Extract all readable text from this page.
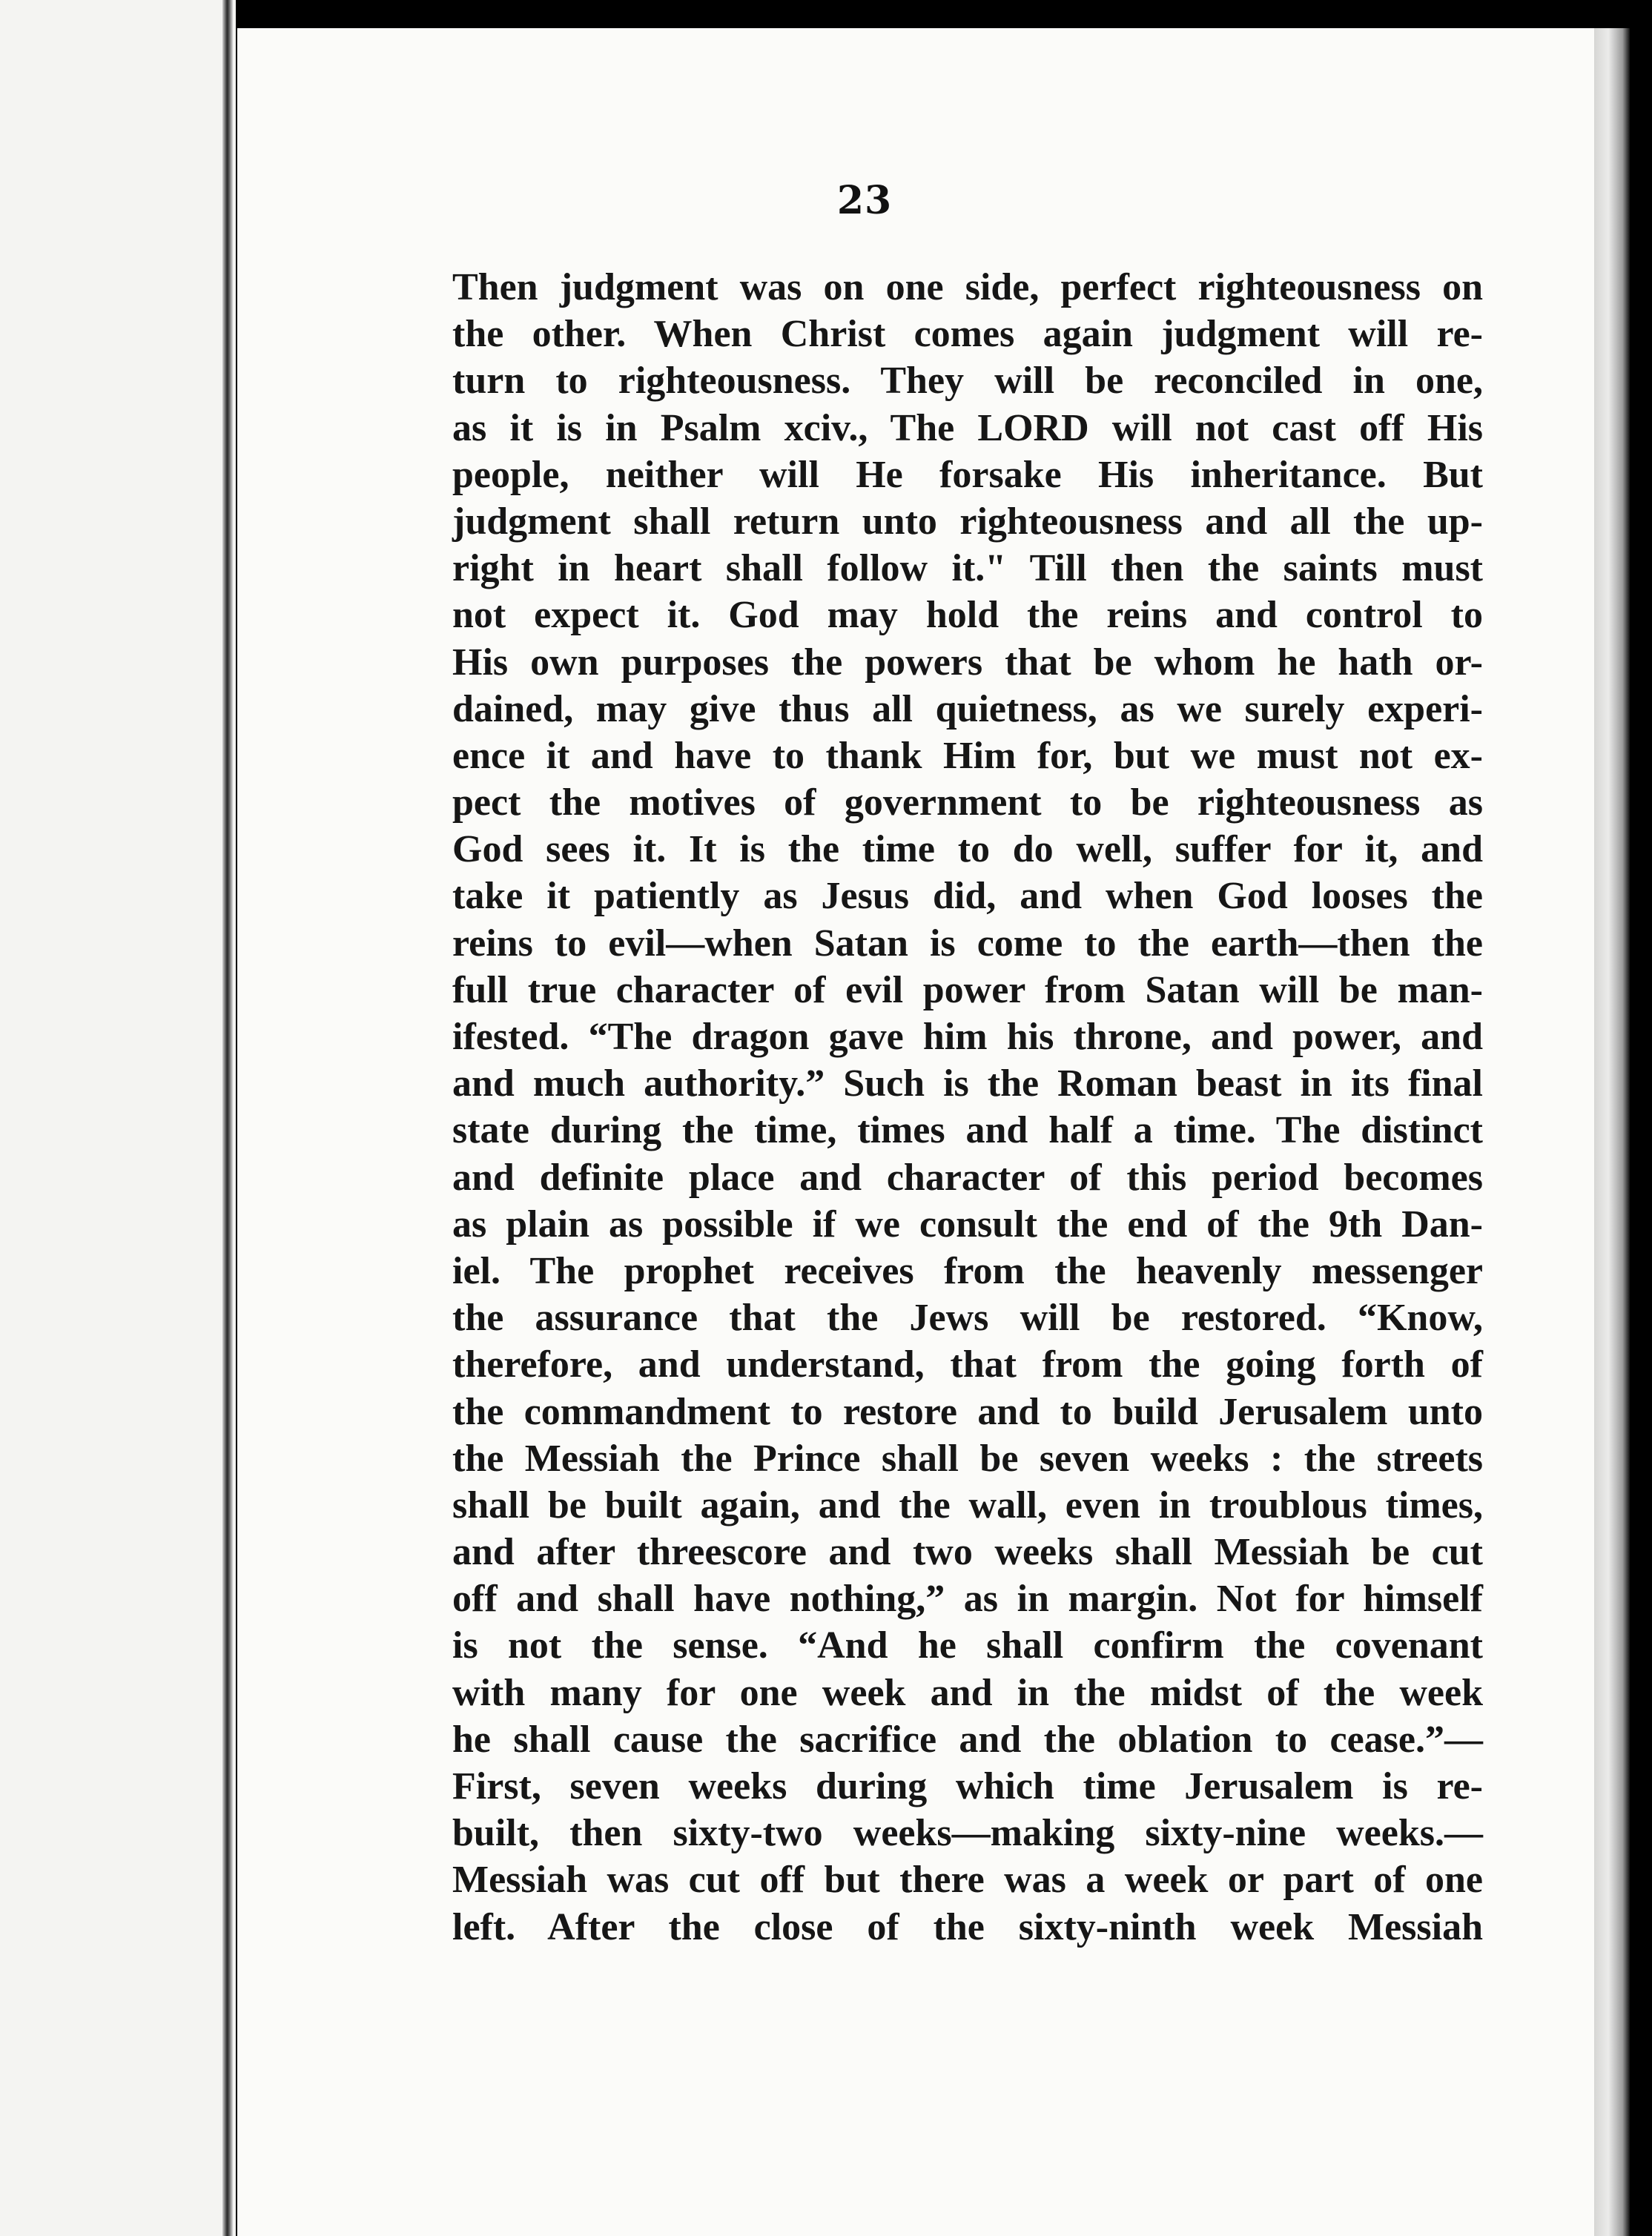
23
Then judgment was on one side, perfect righteousness on
the other. When Christ comes again judgment will re-
turn to righteousness. They will be reconciled in one,
as it is in Psalm xciv., The LORD will not cast off His
people, neither will He forsake His inheritance. But
judgment shall return unto righteousness and all the up-
right in heart shall follow it." Till then the saints must
not expect it. God may hold the reins and control to
His own purposes the powers that be whom he hath or-
dained, may give thus all quietness, as we surely experi-
ence it and have to thank Him for, but we must not ex-
pect the motives of government to be righteousness as
God sees it. It is the time to do well, suffer for it, and
take it patiently as Jesus did, and when God looses the
reins to evil—when Satan is come to the earth—then the
full true character of evil power from Satan will be man-
ifested. “The dragon gave him his throne, and power, and
and much authority.” Such is the Roman beast in its final
state during the time, times and half a time. The distinct
and definite place and character of this period becomes
as plain as possible if we consult the end of the 9th Dan-
iel. The prophet receives from the heavenly messenger
the assurance that the Jews will be restored. “Know,
therefore, and understand, that from the going forth of
the commandment to restore and to build Jerusalem unto
the Messiah the Prince shall be seven weeks : the streets
shall be built again, and the wall, even in troublous times,
and after threescore and two weeks shall Messiah be cut
off and shall have nothing,” as in margin. Not for himself
is not the sense. “And he shall confirm the covenant
with many for one week and in the midst of the week
he shall cause the sacrifice and the oblation to cease.”—
First, seven weeks during which time Jerusalem is re-
built, then sixty-two weeks—making sixty-nine weeks.—
Messiah was cut off but there was a week or part of one
left. After the close of the sixty-ninth week Messiah
